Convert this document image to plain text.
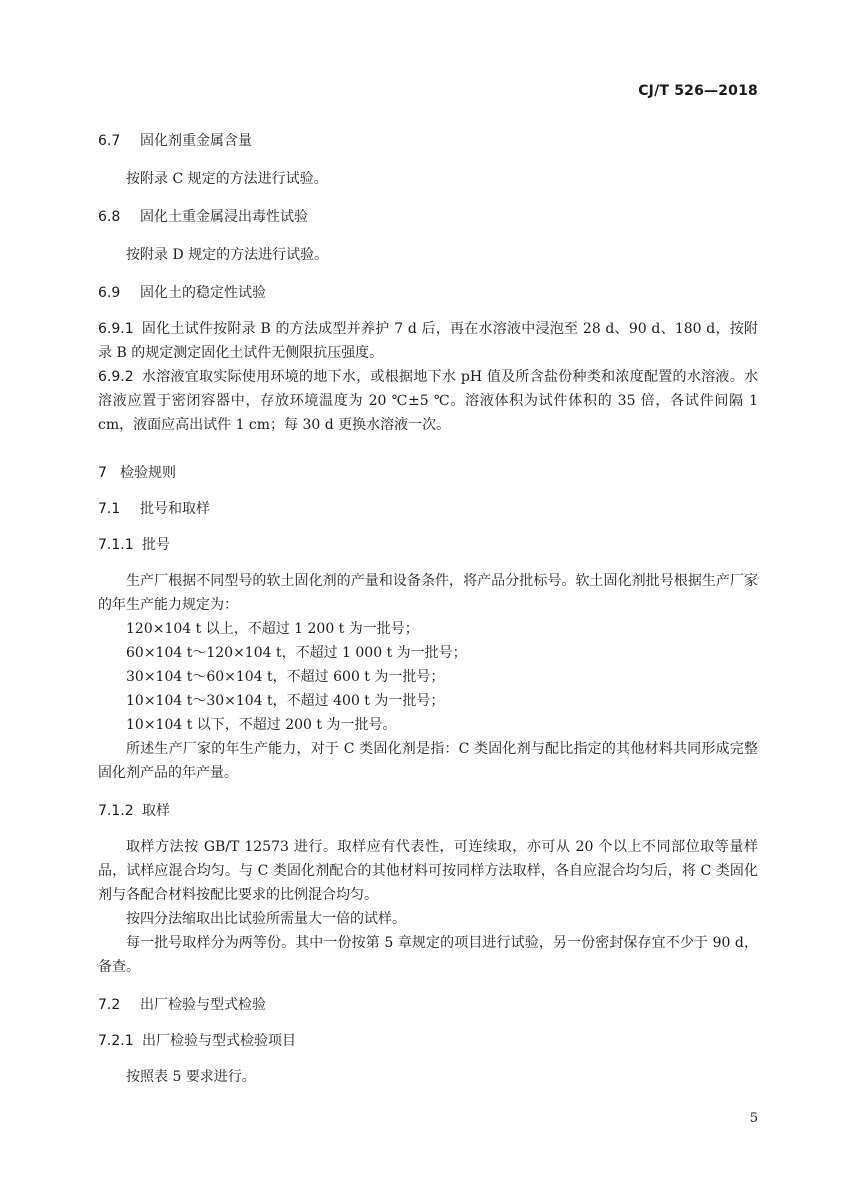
CJ/T 526—2018
6.7 固化剂重金属含量

按附录 C 规定的方法进行试验。

6.8 固化土重金属浸出毒性试验

按附录 D 规定的方法进行试验。

6.9 固化土的稳定性试验

6.9.1 固化土试件按附录 B 的方法成型并养护 7 d 后，再在水溶液中浸泡至 28 d、90 d、180 d，按附录 B 的规定测定固化土试件无侧限抗压强度。

6.9.2 水溶液宜取实际使用环境的地下水，或根据地下水 pH 值及所含盐份种类和浓度配置的水溶液。水溶液应置于密闭容器中，存放环境温度为 20 ℃±5 ℃。溶液体积为试件体积的 35 倍，各试件间隔 1 cm，液面应高出试件 1 cm；每 30 d 更换水溶液一次。

7 检验规则
7.1 批号和取样
7.1.1 批号

生产厂根据不同型号的软土固化剂的产量和设备条件，将产品分批标号。软土固化剂批号根据生产厂家的年生产能力规定为：

120×104 t 以上，不超过 1 200 t 为一批号；
60×104 t～120×104 t，不超过 1 000 t 为一批号；
30×104 t～60×104 t，不超过 600 t 为一批号；
10×104 t～30×104 t，不超过 400 t 为一批号；
10×104 t 以下，不超过 200 t 为一批号。

所述生产厂家的年生产能力，对于 C 类固化剂是指：C 类固化剂与配比指定的其他材料共同形成完整固化剂产品的年产量。

7.1.2 取样

取样方法按 GB/T 12573 进行。取样应有代表性，可连续取，亦可从 20 个以上不同部位取等量样品，试样应混合均匀。与 C 类固化剂配合的其他材料可按同样方法取样，各自应混合均匀后，将 C 类固化剂与各配合材料按配比要求的比例混合均匀。

按四分法缩取出比试验所需量大一倍的试样。

每一批号取样分为两等份。其中一份按第 5 章规定的项目进行试验，另一份密封保存宜不少于 90 d，备查。

7.2 出厂检验与型式检验
7.2.1 出厂检验与型式检验项目

按照表 5 要求进行。

5
